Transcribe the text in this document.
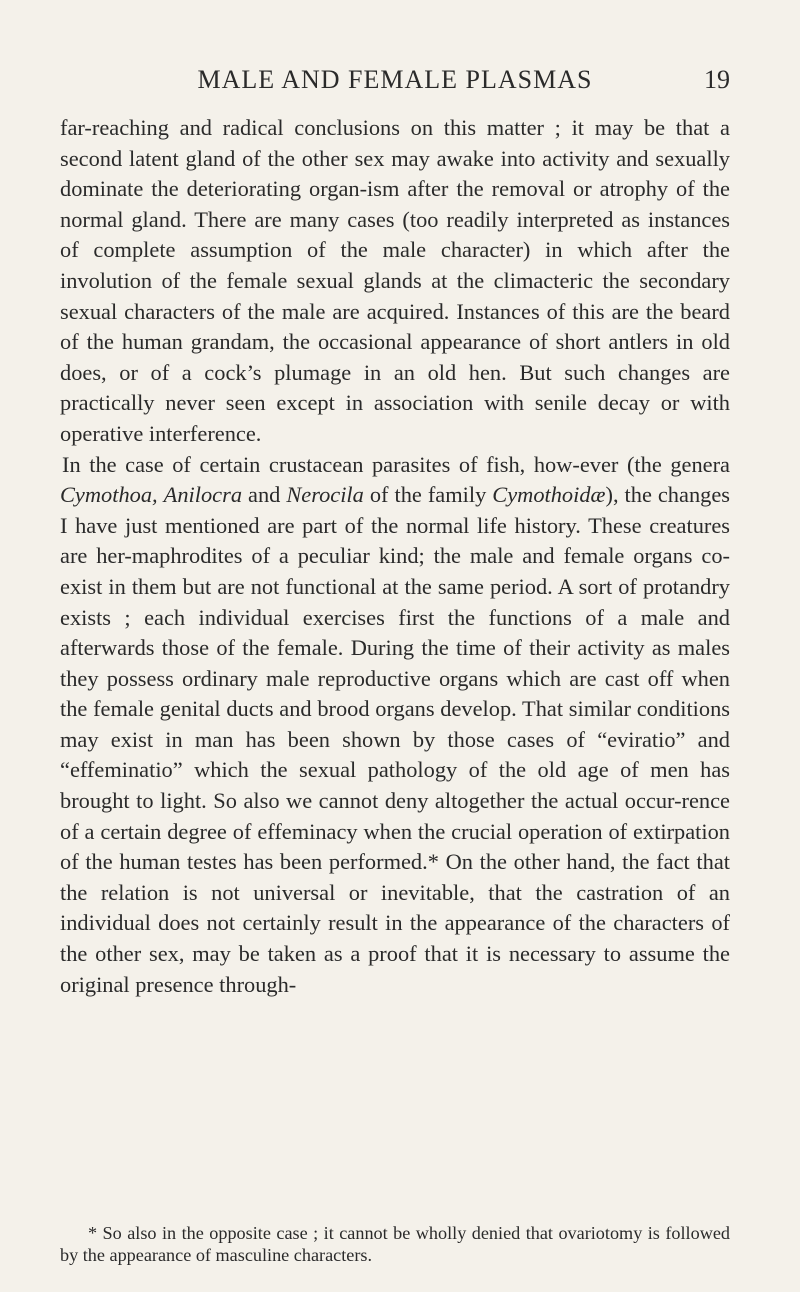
MALE AND FEMALE PLASMAS	19

far-reaching and radical conclusions on this matter ; it may be that a second latent gland of the other sex may awake into activity and sexually dominate the deteriorating organ-ism after the removal or atrophy of the normal gland. There are many cases (too readily interpreted as instances of complete assumption of the male character) in which after the involution of the female sexual glands at the climacteric the secondary sexual characters of the male are acquired. Instances of this are the beard of the human grandam, the occasional appearance of short antlers in old does, or of a cock’s plumage in an old hen. But such changes are practically never seen except in association with senile decay or with operative interference.

In the case of certain crustacean parasites of fish, how-ever (the genera Cymothoa, Anilocra and Nerocila of the family Cymothoidæ), the changes I have just mentioned are part of the normal life history. These creatures are her-maphrodites of a peculiar kind; the male and female organs co-exist in them but are not functional at the same period. A sort of protandry exists ; each individual exercises first the functions of a male and afterwards those of the female. During the time of their activity as males they possess ordinary male reproductive organs which are cast off when the female genital ducts and brood organs develop. That similar conditions may exist in man has been shown by those cases of “eviratio” and “effeminatio” which the sexual pathology of the old age of men has brought to light. So also we cannot deny altogether the actual occur-rence of a certain degree of effeminacy when the crucial operation of extirpation of the human testes has been performed.* On the other hand, the fact that the relation is not universal or inevitable, that the castration of an individual does not certainly result in the appearance of the characters of the other sex, may be taken as a proof that it is necessary to assume the original presence through-

* So also in the opposite case ; it cannot be wholly denied that ovariotomy is followed by the appearance of masculine characters.
